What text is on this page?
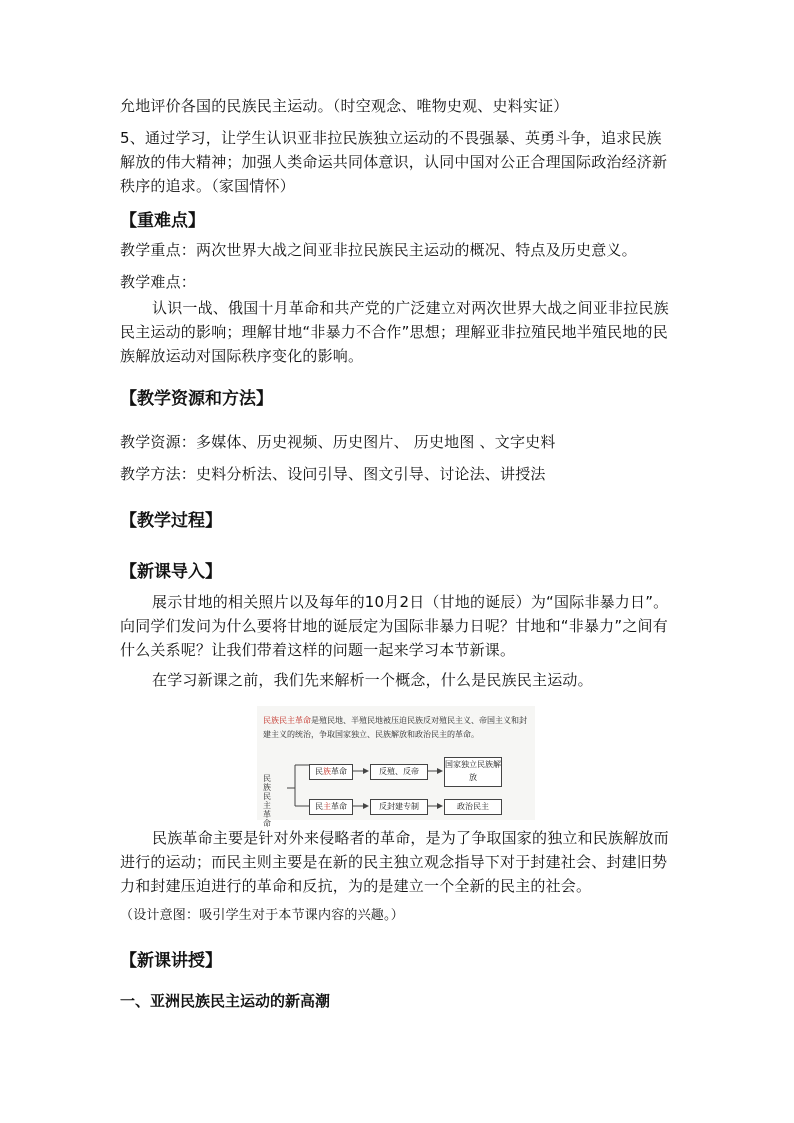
允地评价各国的民族民主运动。（时空观念、唯物史观、史料实证）
5、通过学习，让学生认识亚非拉民族独立运动的不畏强暴、英勇斗争，追求民族解放的伟大精神；加强人类命运共同体意识，认同中国对公正合理国际政治经济新秩序的追求。（家国情怀）
【重难点】
教学重点：两次世界大战之间亚非拉民族民主运动的概况、特点及历史意义。
教学难点：
认识一战、俄国十月革命和共产党的广泛建立对两次世界大战之间亚非拉民族民主运动的影响；理解甘地“非暴力不合作”思想；理解亚非拉殖民地半殖民地的民族解放运动对国际秩序变化的影响。
【教学资源和方法】
教学资源：多媒体、历史视频、历史图片、 历史地图 、文字史料
教学方法：史料分析法、设问引导、图文引导、讨论法、讲授法
【教学过程】
【新课导入】
展示甘地的相关照片以及每年的10月2日（甘地的诞辰）为“国际非暴力日”。向同学们发问为什么要将甘地的诞辰定为国际非暴力日呢？甘地和“非暴力”之间有什么关系呢？让我们带着这样的问题一起来学习本节新课。
在学习新课之前，我们先来解析一个概念，什么是民族民主运动。
民族民主革命是殖民地、半殖民地被压迫民族反对殖民主义、帝国主义和封建主义的统治，争取国家独立、民族解放和政治民主的革命。
民族民主革命
民族革命	反殖、反帝
国家独立民族解放
民主革命	反封建专制	政治民主
民族革命主要是针对外来侵略者的革命，是为了争取国家的独立和民族解放而进行的运动；而民主则主要是在新的民主独立观念指导下对于封建社会、封建旧势力和封建压迫进行的革命和反抗，为的是建立一个全新的民主的社会。
（设计意图：吸引学生对于本节课内容的兴趣。）
【新课讲授】
一、亚洲民族民主运动的新高潮
